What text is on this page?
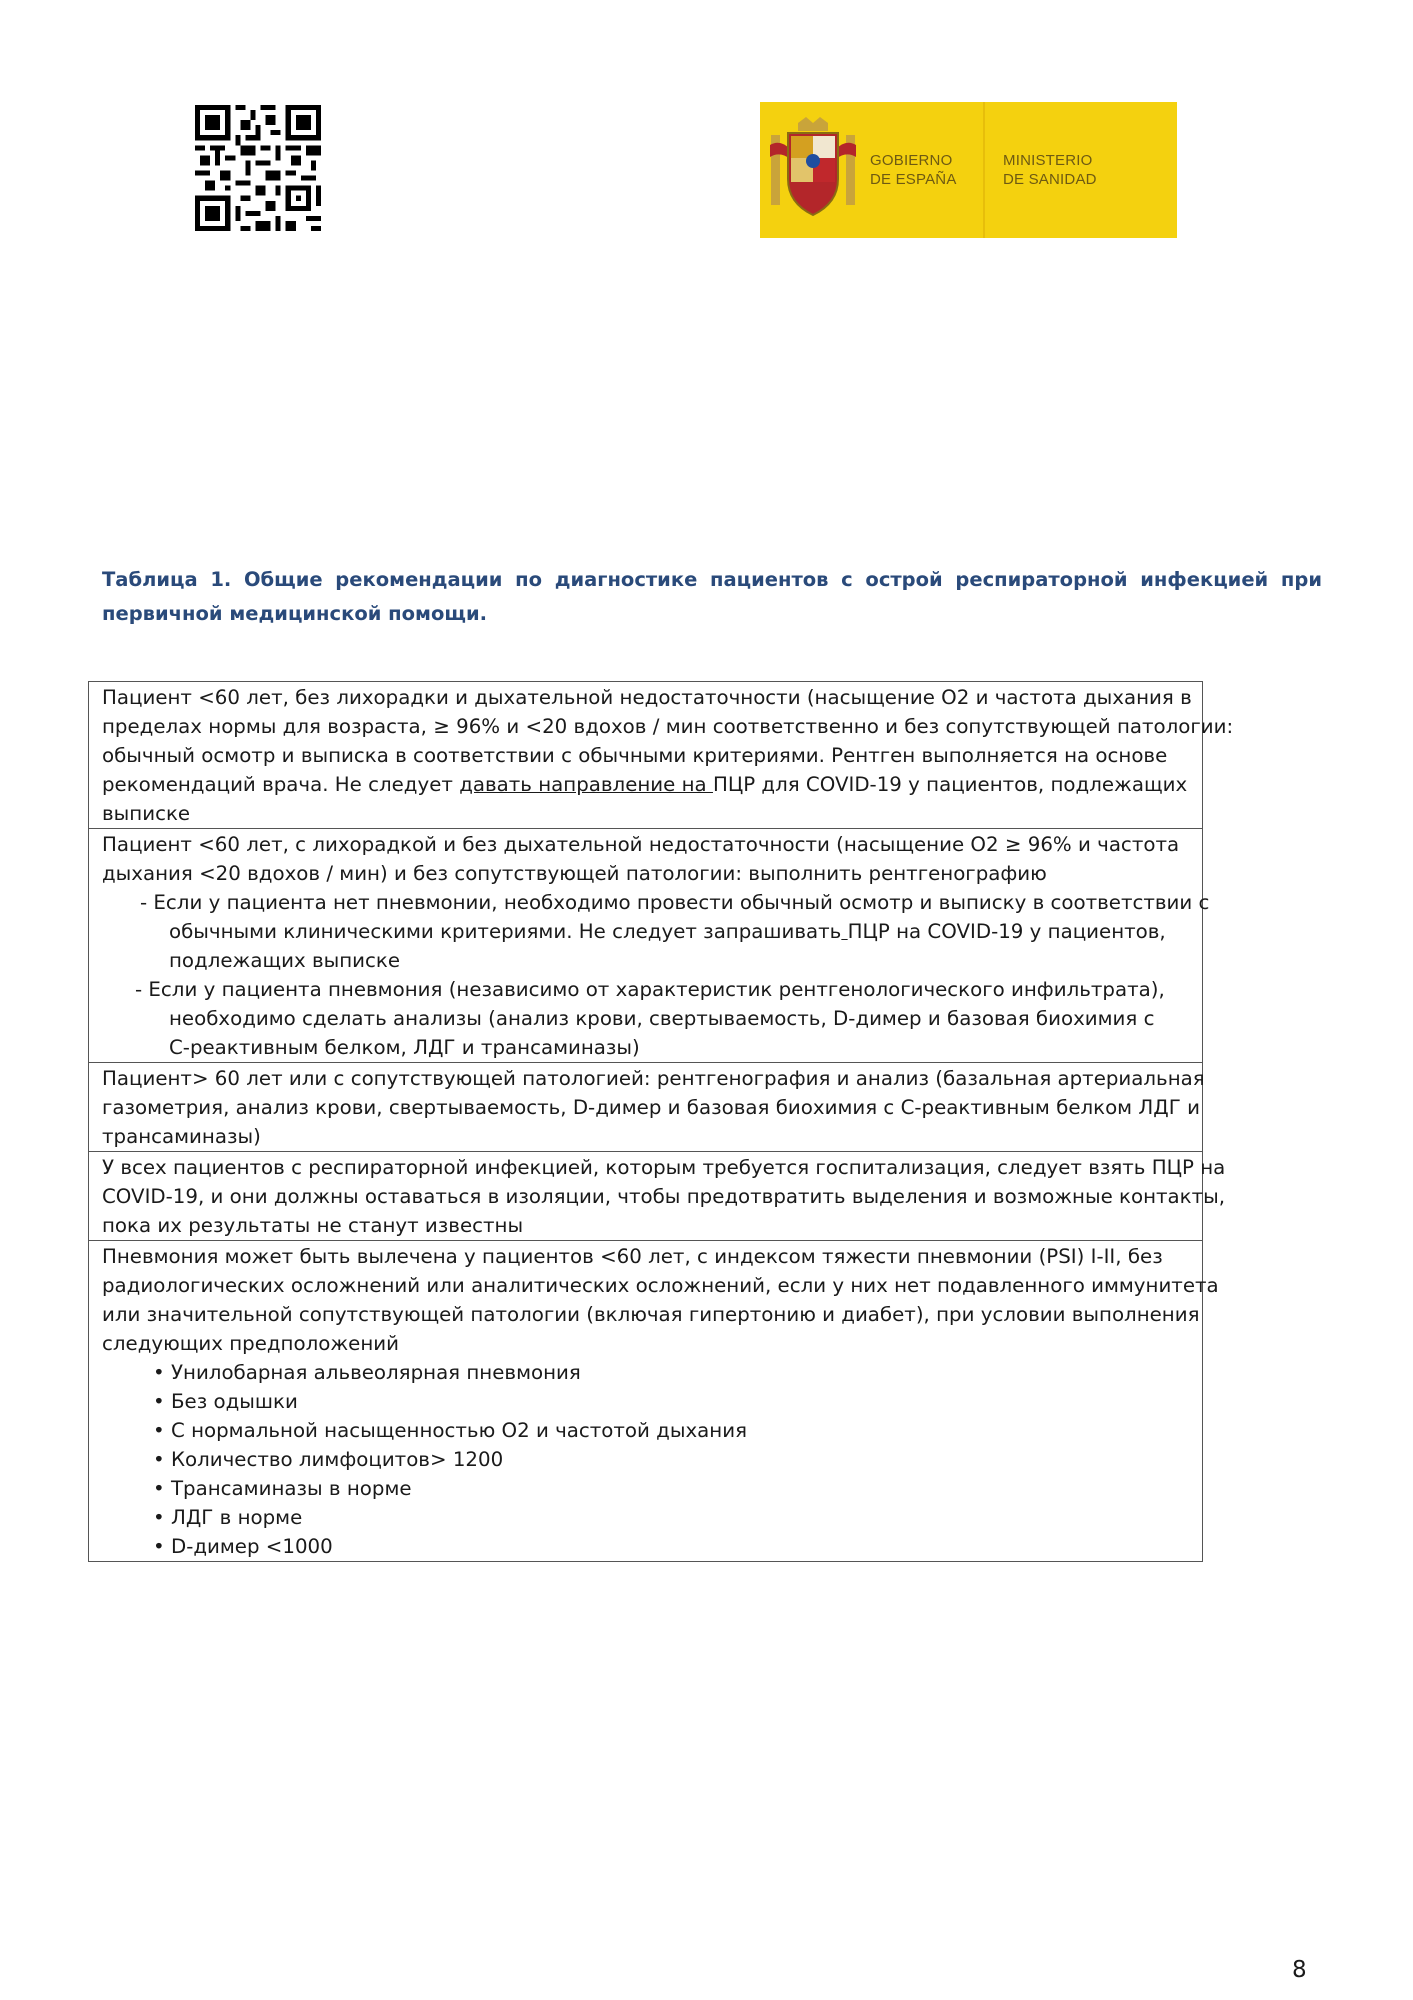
GOBIERNO
DE ESPAÑA
MINISTERIO
DE SANIDAD
Таблица 1. Общие рекомендации по диагностике пациентов с острой респираторной инфекцией при первичной медицинской помощи.
Пациент <60 лет, без лихорадки и дыхательной недостаточности (насыщение O2 и частота дыхания в
пределах нормы для возраста, ≥ 96% и <20 вдохов / мин соответственно и без сопутствующей патологии:
обычный осмотр и выписка в соответствии с обычными критериями. Рентген выполняется на основе
рекомендаций врача. Не следует давать направление на ПЦР для COVID-19 у пациентов, подлежащих
выписке

Пациент <60 лет, с лихорадкой и без дыхательной недостаточности (насыщение O2 ≥ 96% и частота
дыхания <20 вдохов / мин) и без сопутствующей патологии: выполнить рентгенографию
- Если у пациента нет пневмонии, необходимо провести обычный осмотр и выписку в соответствии с
обычными клиническими критериями. Не следует запрашивать ПЦР на COVID-19 у пациентов,
подлежащих выписке
- Если у пациента пневмония (независимо от характеристик рентгенологического инфильтрата),
необходимо сделать анализы (анализ крови, свертываемость, D-димер и базовая биохимия с
C-реактивным белком, ЛДГ и трансаминазы)

Пациент> 60 лет или с сопутствующей патологией: рентгенография и анализ (базальная артериальная
газометрия, анализ крови, свертываемость, D-димер и базовая биохимия с C-реактивным белком ЛДГ и
трансаминазы)

У всех пациентов с респираторной инфекцией, которым требуется госпитализация, следует взять ПЦР на
COVID-19, и они должны оставаться в изоляции, чтобы предотвратить выделения и возможные контакты,
пока их результаты не станут известны

Пневмония может быть вылечена у пациентов <60 лет, с индексом тяжести пневмонии (PSI) I-II, без
радиологических осложнений или аналитических осложнений, если у них нет подавленного иммунитета
или значительной сопутствующей патологии (включая гипертонию и диабет), при условии выполнения
следующих предположений
• Унилобарная альвеолярная пневмония
• Без одышки
• С нормальной насыщенностью O2 и частотой дыхания
• Количество лимфоцитов> 1200
• Трансаминазы в норме
• ЛДГ в норме
• D-димер <1000
8
